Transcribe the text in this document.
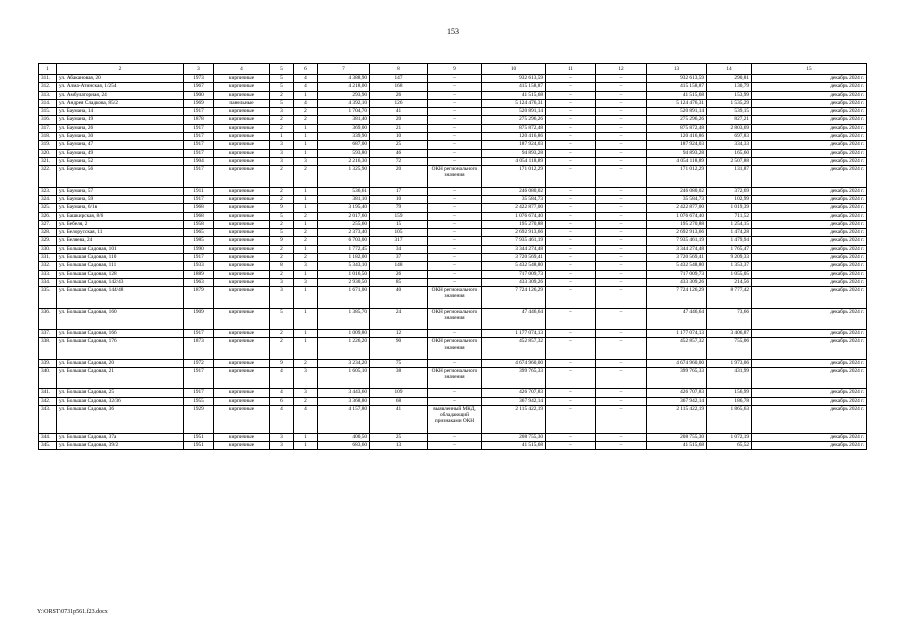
153
1	2	3	4	5	6	7	8	9	10	11	12	13	14	15
311.	ул. Абакановая, 20	1973	кирпичные	5	4	4 388,90	147	–	932 613,59	–	–	932 613,59	290,81	декабрь 2024 г.
312.	ул. Алма-Атинская, 1/254	1967	кирпичные	5	4	4 218,00	168	–	415 158,87	–	–	415 158,87	130,79	декабрь 2024 г.
313.	ул. Амбулаторная, 24	1900	кирпичные	2	1	293,90	26	–	41 515,68	–	–	41 515,68	153,99	декабрь 2024 г.
314.	ул. Андрея Сладкова, 85/2	1969	панельные	5	4	4 392,10	126	–	5 124 476,31	–	–	5 124 476,31	1 535,29	декабрь 2024 г.
315.	ул. Баумана, 14	1917	кирпичные	3	2	1 704,70	41	–	520 891,14	–	–	520 891,14	539,15	декабрь 2024 г.
316.	ул. Баумана, 19	1878	кирпичные	2	2	381,40	20	–	275 296,26	–	–	275 296,26	827,21	декабрь 2024 г.
317.	ул. Баумана, 26	1917	кирпичные	2	1	369,00	21	–	875 872,48	–	–	875 872,48	2 803,69	декабрь 2024 г.
318.	ул. Баумана, 30	1917	кирпичные	1	1	339,90	10	–	120 416,86	–	–	120 416,86	697,83	декабрь 2024 г.
319.	ул. Баумана, 47	1917	кирпичные	3	1	687,00	25	–	187 924,03	–	–	187 924,03	334,33	декабрь 2024 г.
320.	ул. Баумана, 49	1917	кирпичные	3	1	593,80	46	–	94 893,28	–	–	94 893,28	165,60	декабрь 2024 г.
321.	ул. Баумана, 52	1904	кирпичные	3	3	2 216,30	72	–	4 054 118,89	–	–	4 054 118,89	2 507,88	декабрь 2024 г.
322.	ул. Баумана, 56	1917	кирпичные	2	2	1 325,90	20	ОКН регионального значения	171 012,29	–	–	171 012,29	131,87	декабрь 2024 г.
323.	ул. Баумана, 57	1911	кирпичные	2	1	536,61	17	–	246 080,02	–	–	246 080,02	372,69	декабрь 2024 г.
324.	ул. Баумана, 59	1917	кирпичные	2	1	381,10	10	–	35 584,73	–	–	35 584,73	102,99	декабрь 2024 г.
325.	ул. Баумана, 6/1в	1968	кирпичные	9	1	3 195,40	79	–	2 422 877,00	–	–	2 422 877,00	1 019,39	декабрь 2024 г.
326.	ул. Башкирская, 8/6	1968	кирпичные	5	2	2 017,60	159	–	1 076 674,40	–	–	1 076 674,40	711,52	декабрь 2024 г.
327.	ул. Бебеля, 2	1958	кирпичные	2	1	255,60	15	–	195 270,88	–	–	195 270,88	1 254,15	декабрь 2024 г.
328.	ул. Белорусская, 11	1965	кирпичные	5	2	2 373,40	105	–	2 692 913,66	–	–	2 692 913,66	1 474,28	декабрь 2024 г.
329.	ул. Беляева, 24	1985	кирпичные	9	2	6 703,00	317	–	7 935 461,19	–	–	7 935 461,19	1 479,94	декабрь 2024 г.
330.	ул. Большая Садовая, 101	1990	кирпичные	2	1	1 772,45	34	–	3 344 274,48	–	–	3 344 274,48	1 765,47	декабрь 2024 г.
331.	ул. Большая Садовая, 110	1917	кирпичные	2	2	1 182,00	37	–	3 720 569,41	–	–	3 720 569,41	9 209,33	декабрь 2024 г.
332.	ул. Большая Садовая, 111	1933	кирпичные	8	3	5 343,10	148	–	5 432 548,80	–	–	5 432 548,80	1 353,37	декабрь 2024 г.
333.	ул. Большая Садовая, 128	1889	кирпичные	2	1	1 016,50	26	–	717 009,73	–	–	717 009,73	1 055,05	декабрь 2024 г.
334.	ул. Большая Садовая, 142/43	1963	кирпичные	3	3	2 930,50	85	–	433 309,26	–	–	433 309,26	214,56	декабрь 2024 г.
335.	ул. Большая Садовая, 144/48	1879	кирпичные	3	1	1 671,00	40	ОКН регионального значения	7 724 126,29	–	–	7 724 126,29	8 777,42	декабрь 2024 г.
336.	ул. Большая Садовая, 160	1909	кирпичные	5	1	1 385,70	24	ОКН регионального значения	47 446,64	–	–	47 446,64	73,66	декабрь 2024 г.
337.	ул. Большая Садовая, 166	1917	кирпичные	2	1	1 009,80	12	–	1 177 074,13	–	–	1 177 074,13	3 406,87	декабрь 2024 г.
338.	ул. Большая Садовая, 176	1873	кирпичные	2	1	1 226,20	90	ОКН регионального значения	452 857,32	–	–	452 857,32	755,06	декабрь 2024 г.
339.	ул. Большая Садовая, 20	1972	кирпичные	9	2	3 234,20	75	–	4 674 960,00	–	–	4 674 960,00	1 973,06	декабрь 2024 г.
340.	ул. Большая Садовая, 21	1917	кирпичные	4	3	1 605,10	38	ОКН регионального значения	399 765,33	–	–	399 765,33	431,99	декабрь 2024 г.
341.	ул. Большая Садовая, 25	1917	кирпичные	4	3	3 443,60	109	–	426 707,83	–	–	426 707,83	156,99	декабрь 2024 г.
342.	ул. Большая Садовая, 32/36	1955	кирпичные	6	2	3 368,80	68	–	367 942,14	–	–	367 942,14	186,78	декабрь 2024 г.
343.	ул. Большая Садовая, 36	1929	кирпичные	4	4	4 157,80	41	выявленный МКД, обладающий признаками ОКН	2 115 422,19	–	–	2 115 422,19	1 865,63	декабрь 2024 г.
344.	ул. Большая Садовая, 37а	1951	кирпичные	3	1	400,50	25	–	208 755,30	–	–	208 755,30	1 072,19	декабрь 2024 г.
345.	ул. Большая Садовая, 39/2	1951	кирпичные	3	1	683,60	13	–	41 515,68	–	–	41 515,68	65,52	декабрь 2024 г.
Y:\ORST\0731p561.f23.docx
